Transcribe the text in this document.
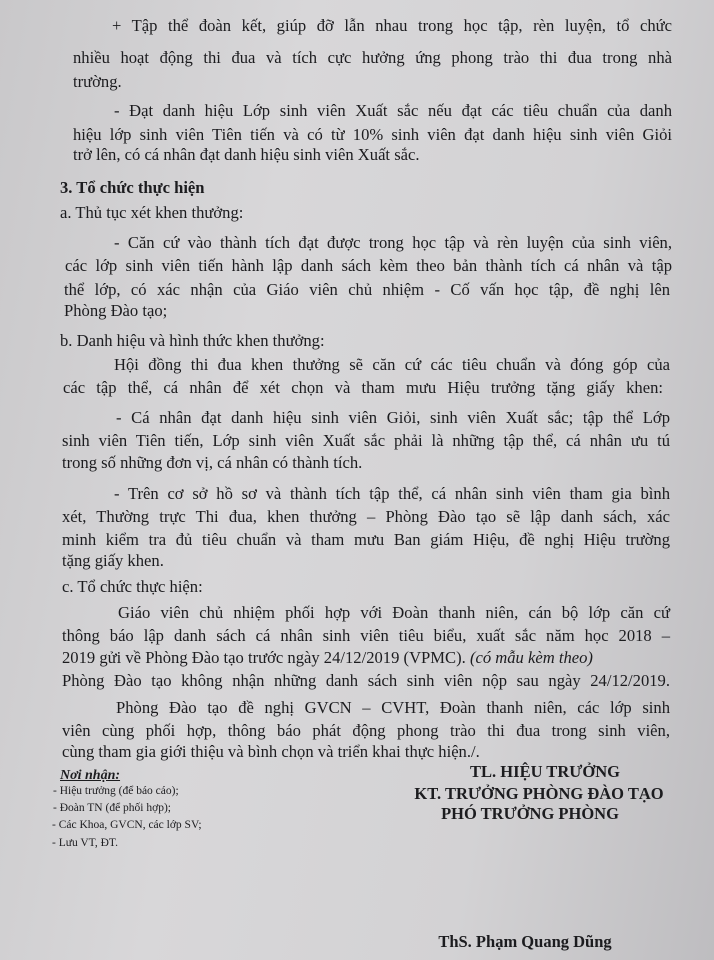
+ Tập thể đoàn kết, giúp đỡ lẫn nhau trong học tập, rèn luyện, tổ chức
nhiều hoạt động thi đua và tích cực hưởng ứng phong trào thi đua trong nhà
trường.
- Đạt danh hiệu Lớp sinh viên Xuất sắc nếu đạt các tiêu chuẩn của danh
hiệu lớp sinh viên Tiên tiến và có từ 10% sinh viên đạt danh hiệu sinh viên Giỏi
trở lên, có cá nhân đạt danh hiệu sinh viên Xuất sắc.
3. Tổ chức thực hiện
a. Thủ tục xét khen thưởng:
- Căn cứ vào thành tích đạt được trong học tập và rèn luyện của sinh viên,
các lớp sinh viên tiến hành lập danh sách kèm theo bản thành tích cá nhân và tập
thể lớp, có xác nhận của Giáo viên chủ nhiệm - Cố vấn học tập, đề nghị lên
Phòng Đào tạo;
b. Danh hiệu và hình thức khen thưởng:
Hội đồng thi đua khen thưởng sẽ căn cứ các tiêu chuẩn và đóng góp của
các tập thể, cá nhân để xét chọn và tham mưu Hiệu trưởng tặng giấy khen:
- Cá nhân đạt danh hiệu sinh viên Giỏi, sinh viên Xuất sắc; tập thể Lớp
sinh viên Tiên tiến, Lớp sinh viên Xuất sắc phải là những tập thể, cá nhân ưu tú
trong số những đơn vị, cá nhân có thành tích.
- Trên cơ sở hồ sơ và thành tích tập thể, cá nhân sinh viên tham gia bình
xét, Thường trực Thi đua, khen thưởng – Phòng Đào tạo sẽ lập danh sách, xác
minh kiểm tra đủ tiêu chuẩn và tham mưu Ban giám Hiệu, đề nghị Hiệu trường
tặng giấy khen.
c. Tổ chức thực hiện:
Giáo viên chủ nhiệm phối hợp với Đoàn thanh niên, cán bộ lớp căn cứ
thông báo lập danh sách cá nhân sinh viên tiêu biểu, xuất sắc năm học 2018 –
2019 gửi về Phòng Đào tạo trước ngày 24/12/2019 (VPMC). (có mẫu kèm theo)
Phòng Đào tạo không nhận những danh sách sinh viên nộp sau ngày 24/12/2019.
Phòng Đào tạo đề nghị GVCN – CVHT, Đoàn thanh niên, các lớp sinh
viên cùng phối hợp, thông báo phát động phong trào thi đua trong sinh viên,
cùng tham gia giới thiệu và bình chọn và triển khai thực hiện./.
Nơi nhận:
- Hiệu trưởng (để báo cáo);
- Đoàn TN (để phối hợp);
- Các Khoa, GVCN, các lớp SV;
- Lưu VT, ĐT.
TL. HIỆU TRƯỞNG
KT. TRƯỞNG PHÒNG ĐÀO TẠO
PHÓ TRƯỞNG PHÒNG
ThS. Phạm Quang Dũng
